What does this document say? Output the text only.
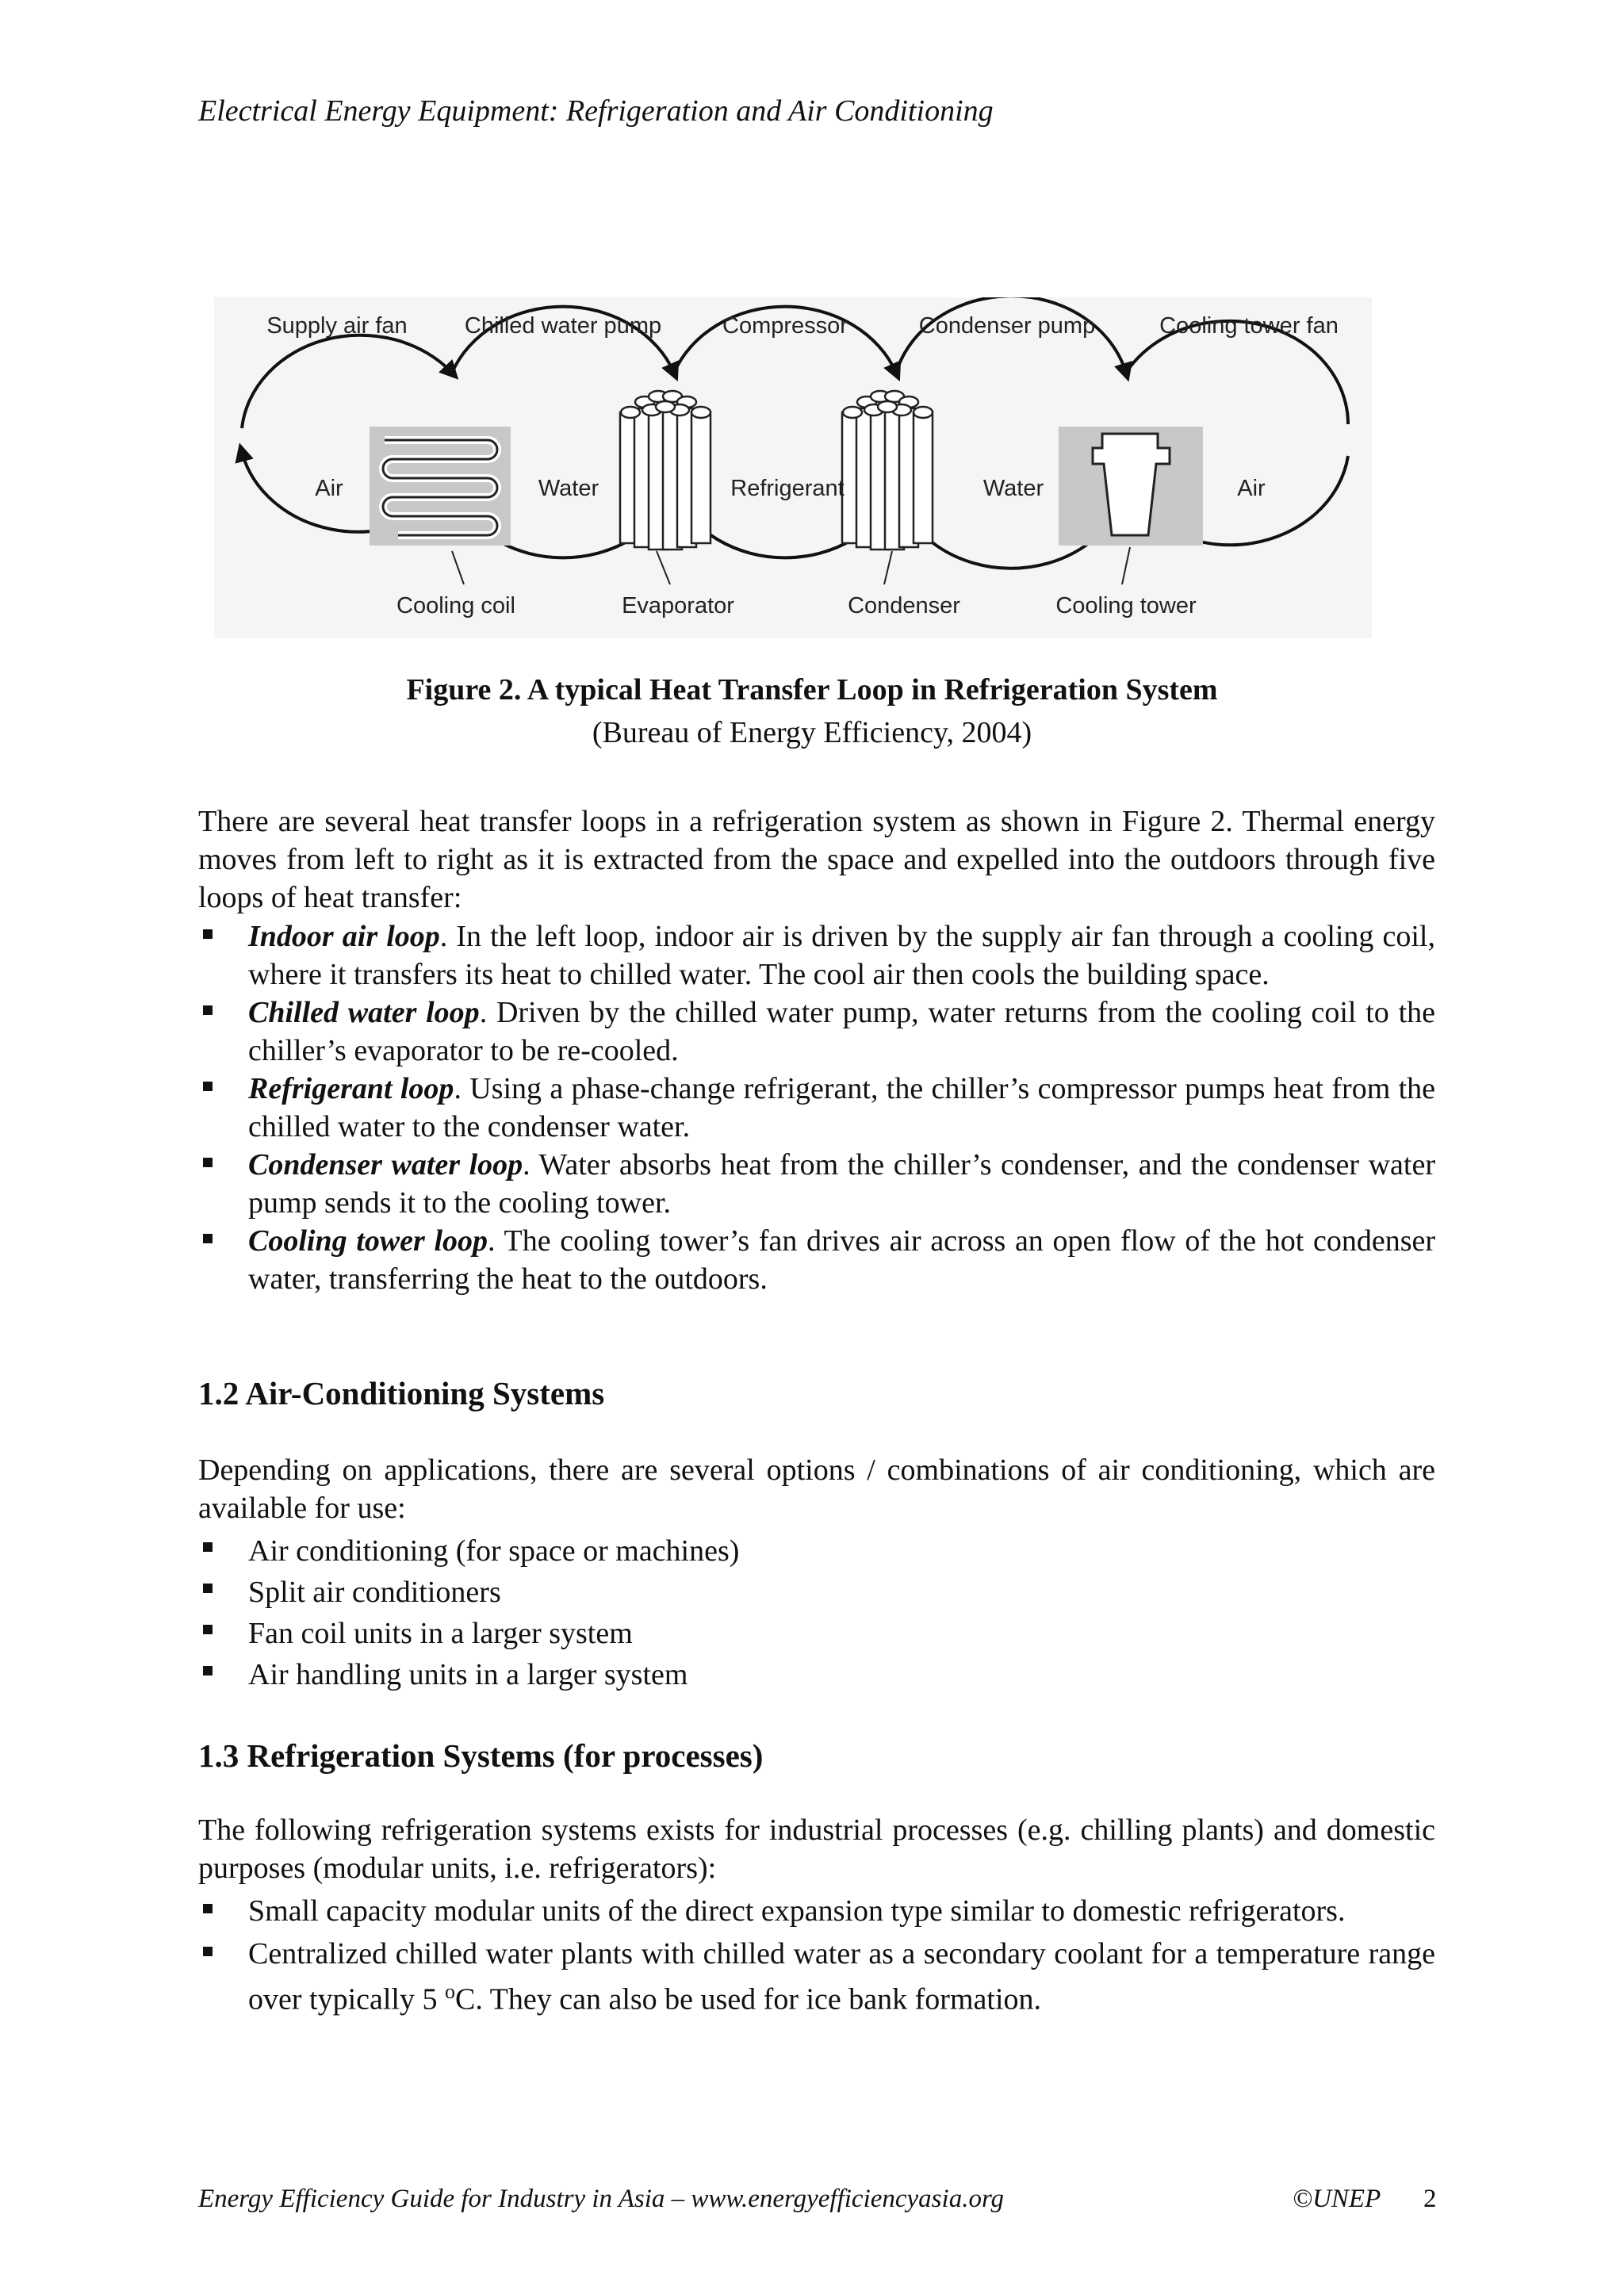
Electrical Energy Equipment: Refrigeration and Air Conditioning
Supply air fan Chilled water pump	Compressor	Condenser pump	Cooling tower fan
Air	Water	Refrigerant	Water	Air
Cooling coil	Evaporator	Condenser	Cooling tower
Figure 2. A typical Heat Transfer Loop in Refrigeration System
(Bureau of Energy Efficiency, 2004)

There are several heat transfer loops in a refrigeration system as shown in Figure 2. Thermal energy moves from left to right as it is extracted from the space and expelled into the outdoors through five loops of heat transfer:

Indoor air loop. In the left loop, indoor air is driven by the supply air fan through a cooling coil, where it transfers its heat to chilled water. The cool air then cools the building space.
Chilled water loop. Driven by the chilled water pump, water returns from the cooling coil to the chiller’s evaporator to be re-cooled.
Refrigerant loop. Using a phase-change refrigerant, the chiller’s compressor pumps heat from the chilled water to the condenser water.
Condenser water loop. Water absorbs heat from the chiller’s condenser, and the condenser water pump sends it to the cooling tower.
Cooling tower loop. The cooling tower’s fan drives air across an open flow of the hot condenser water, transferring the heat to the outdoors.
1.2 Air-Conditioning Systems

Depending on applications, there are several options / combinations of air conditioning, which are available for use:

Air conditioning (for space or machines)
Split air conditioners
Fan coil units in a larger system
Air handling units in a larger system
1.3 Refrigeration Systems (for processes)

The following refrigeration systems exists for industrial processes (e.g. chilling plants) and domestic purposes (modular units, i.e. refrigerators):

Small capacity modular units of the direct expansion type similar to domestic refrigerators.
Centralized chilled water plants with chilled water as a secondary coolant for a temperature range over typically 5 $^o$C. They can also be used for ice bank formation.
Energy Efficiency Guide for Industry in Asia – www.energyefficiencyasia.org	©UNEP 2
